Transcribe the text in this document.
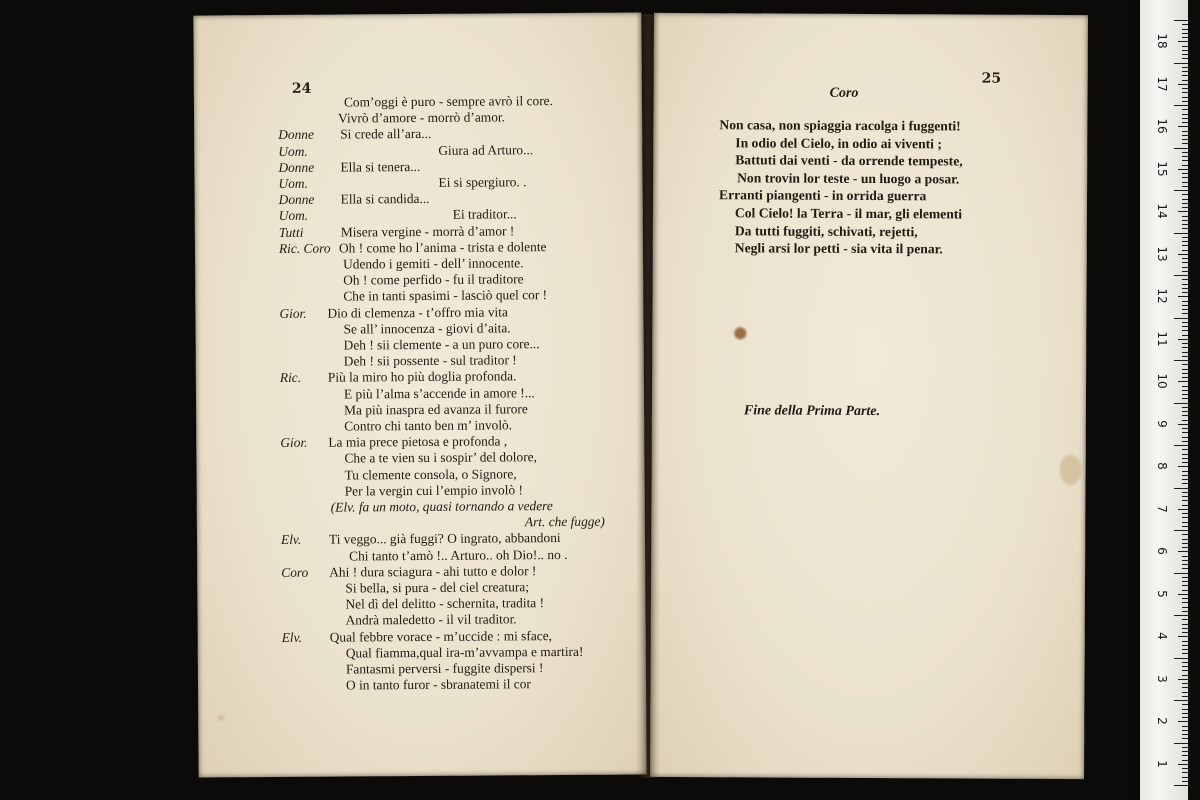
24
Com’oggi è puro - sempre avrò il core.
Vivrò d’amore - morrò d’amor.
Donne Si crede all’ara...
Uom.	Giura ad Arturo...
Donne Ella si tenera...
Uom.	Ei si spergiuro. .
Donne Ella si candida...
Uom.	Ei traditor...
Tutti	Misera vergine - morrà d’amor !
Ric. Coro Oh ! come ho l’anima - trista e dolente
Udendo i gemiti - dell’ innocente.
Oh ! come perfido - fu il traditore
Che in tanti spasimi - lasciò quel cor !
Gior. Dio di clemenza - t’offro mia vita
Se all’ innocenza - giovi d’aita.
Deh ! sii clemente - a un puro core...
Deh ! sii possente - sul traditor !
Ric. Più la miro ho più doglia profonda.
E più l’alma s’accende in amore !...
Ma più inaspra ed avanza il furore
Contro chi tanto ben m’ involò.
Gior. La mia prece pietosa e profonda ,
Che a te vien su i sospir’ del dolore,
Tu clemente consola, o Signore,
Per la vergin cui l’empio involò !
(Elv. fa un moto, quasi tornando a vedere
Art. che fugge)
Elv. Ti veggo... già fuggi? O ingrato, abbandoni
Chi tanto t’amò !.. Arturo.. oh Dio!.. no .
Coro Ahi ! dura sciagura - ahi tutto e dolor !
Si bella, si pura - del ciel creatura;
Nel dì del delitto - schernita, tradita !
Andrà maledetto - il vil traditor.
Elv. Qual febbre vorace - m’uccide : mi sface,
Qual fiamma,qual ira-m’avvampa e martira!
Fantasmi perversi - fuggite dispersi !
O in tanto furor - sbranatemi il cor
25
Coro
Non casa, non spiaggia racolga i fuggenti!
In odio del Cielo, in odio ai viventi ;
Battuti dai venti - da orrende tempeste,
Non trovin lor teste - un luogo a posar.
Erranti piangenti - in orrida guerra
Col Cielo! la Terra - il mar, gli elementi
Da tutti fuggiti, schivati, rejetti,
Negli arsi lor petti - sia vita il penar.
Fine della Prima Parte.
18
17
16
15
14
13
12
11
10
9
8
7
6
5
4
3
2
1
